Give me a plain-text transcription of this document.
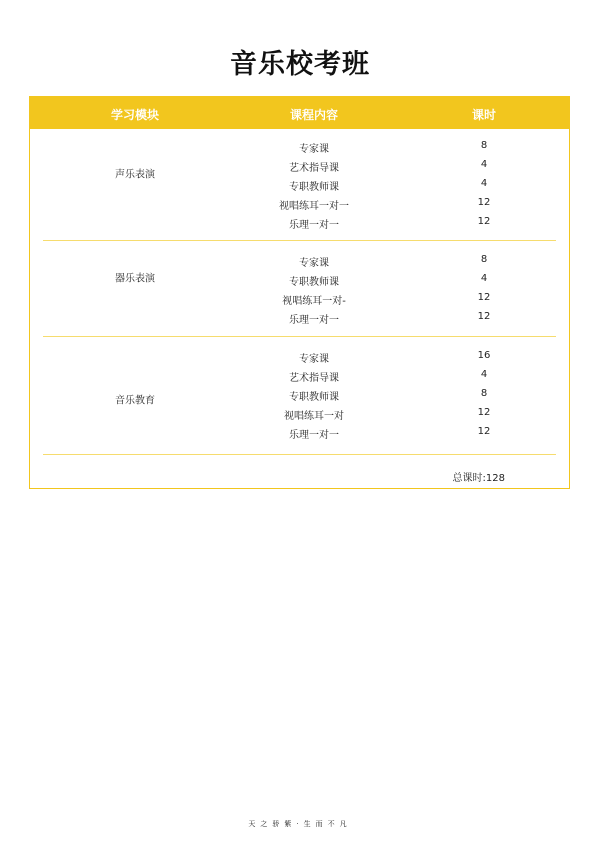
音乐校考班
学习模块	课程内容	课时
声乐表演
专家课	8
艺术指导课	4
专职教师课	4
视唱练耳一对一	12
乐理一对一	12
器乐表演
专家课	8
专职教师课	4
视唱练耳一对-	12
乐理一对一	12
音乐教育
专家课	16
艺术指导课	4
专职教师课	8
视唱练耳一对	12
乐理一对一	12
总课时:128
天之骄紫·生而不凡
